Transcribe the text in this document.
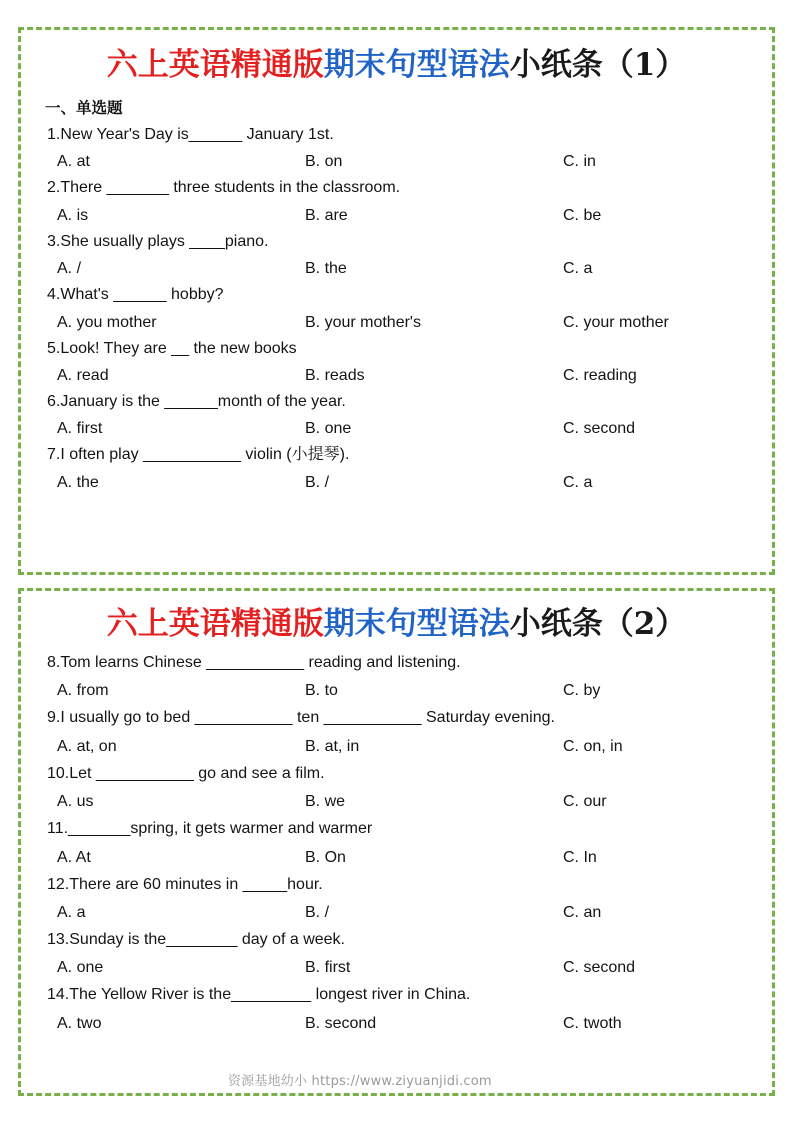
六上英语精通版期末句型语法小纸条（1）
一、单选题
1.New Year's Day is______ January 1st.
A. at	B. on	C. in
2.There _______ three students in the classroom.
A. is	B. are	C. be
3.She usually plays ____piano.
A. /	B. the	C. a
4.What's ______ hobby?
A. you mother	B. your mother's	C. your mother
5.Look! They are __ the new books
A. read	B. reads	C. reading
6.January is the ______month of the year.
A. first	B. one	C. second
7.I often play ___________ violin (小提琴).
A. the	B. /	C. a
六上英语精通版期末句型语法小纸条（2）
8.Tom learns Chinese ___________ reading and listening.
A. from	B. to	C. by
9.I usually go to bed ___________ ten ___________ Saturday evening.
A. at, on	B. at, in	C. on, in
10.Let ___________ go and see a film.
A. us	B. we	C. our
11._______spring, it gets warmer and warmer
A. At	B. On	C. In
12.There are 60 minutes in _____hour.
A. a	B. /	C. an
13.Sunday is the________ day of a week.
A. one	B. first	C. second
14.The Yellow River is the_________ longest river in China.
A. two	B. second	C. twoth
资源基地幼小 https://www.ziyuanjidi.com
